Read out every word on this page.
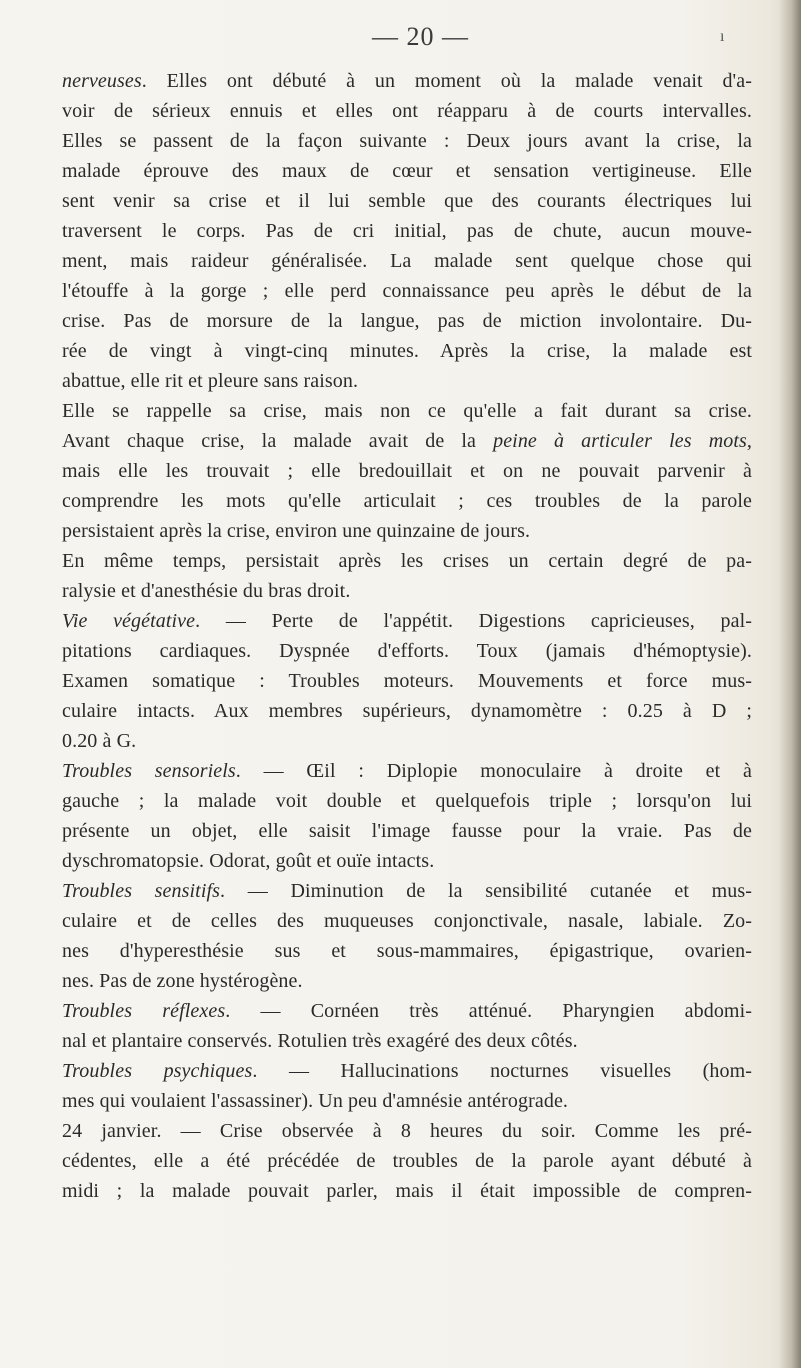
— 20 —	ı
nerveuses. Elles ont débuté à un moment où la malade venait d'a-
voir de sérieux ennuis et elles ont réapparu à de courts intervalles.
Elles se passent de la façon suivante : Deux jours avant la crise, la
malade éprouve des maux de cœur et sensation vertigineuse. Elle
sent venir sa crise et il lui semble que des courants électriques lui
traversent le corps. Pas de cri initial, pas de chute, aucun mouve-
ment, mais raideur généralisée. La malade sent quelque chose qui
l'étouffe à la gorge ; elle perd connaissance peu après le début de la
crise. Pas de morsure de la langue, pas de miction involontaire. Du-
rée de vingt à vingt-cinq minutes. Après la crise, la malade est
abattue, elle rit et pleure sans raison.
Elle se rappelle sa crise, mais non ce qu'elle a fait durant sa crise.
Avant chaque crise, la malade avait de la peine à articuler les mots,
mais elle les trouvait ; elle bredouillait et on ne pouvait parvenir à
comprendre les mots qu'elle articulait ; ces troubles de la parole
persistaient après la crise, environ une quinzaine de jours.
En même temps, persistait après les crises un certain degré de pa-
ralysie et d'anesthésie du bras droit.
Vie végétative. — Perte de l'appétit. Digestions capricieuses, pal-
pitations cardiaques. Dyspnée d'efforts. Toux (jamais d'hémoptysie).
Examen somatique : Troubles moteurs. Mouvements et force mus-
culaire intacts. Aux membres supérieurs, dynamomètre : 0.25 à D ;
0.20 à G.
Troubles sensoriels. — Œil : Diplopie monoculaire à droite et à
gauche ; la malade voit double et quelquefois triple ; lorsqu'on lui
présente un objet, elle saisit l'image fausse pour la vraie. Pas de
dyschromatopsie. Odorat, goût et ouïe intacts.
Troubles sensitifs. — Diminution de la sensibilité cutanée et mus-
culaire et de celles des muqueuses conjonctivale, nasale, labiale. Zo-
nes d'hyperesthésie sus et sous-mammaires, épigastrique, ovarien-
nes. Pas de zone hystérogène.
Troubles réflexes. — Cornéen très atténué. Pharyngien abdomi-
nal et plantaire conservés. Rotulien très exagéré des deux côtés.
Troubles psychiques. — Hallucinations nocturnes visuelles (hom-
mes qui voulaient l'assassiner). Un peu d'amnésie antérograde.
24 janvier. — Crise observée à 8 heures du soir. Comme les pré-
cédentes, elle a été précédée de troubles de la parole ayant débuté à
midi ; la malade pouvait parler, mais il était impossible de compren-
